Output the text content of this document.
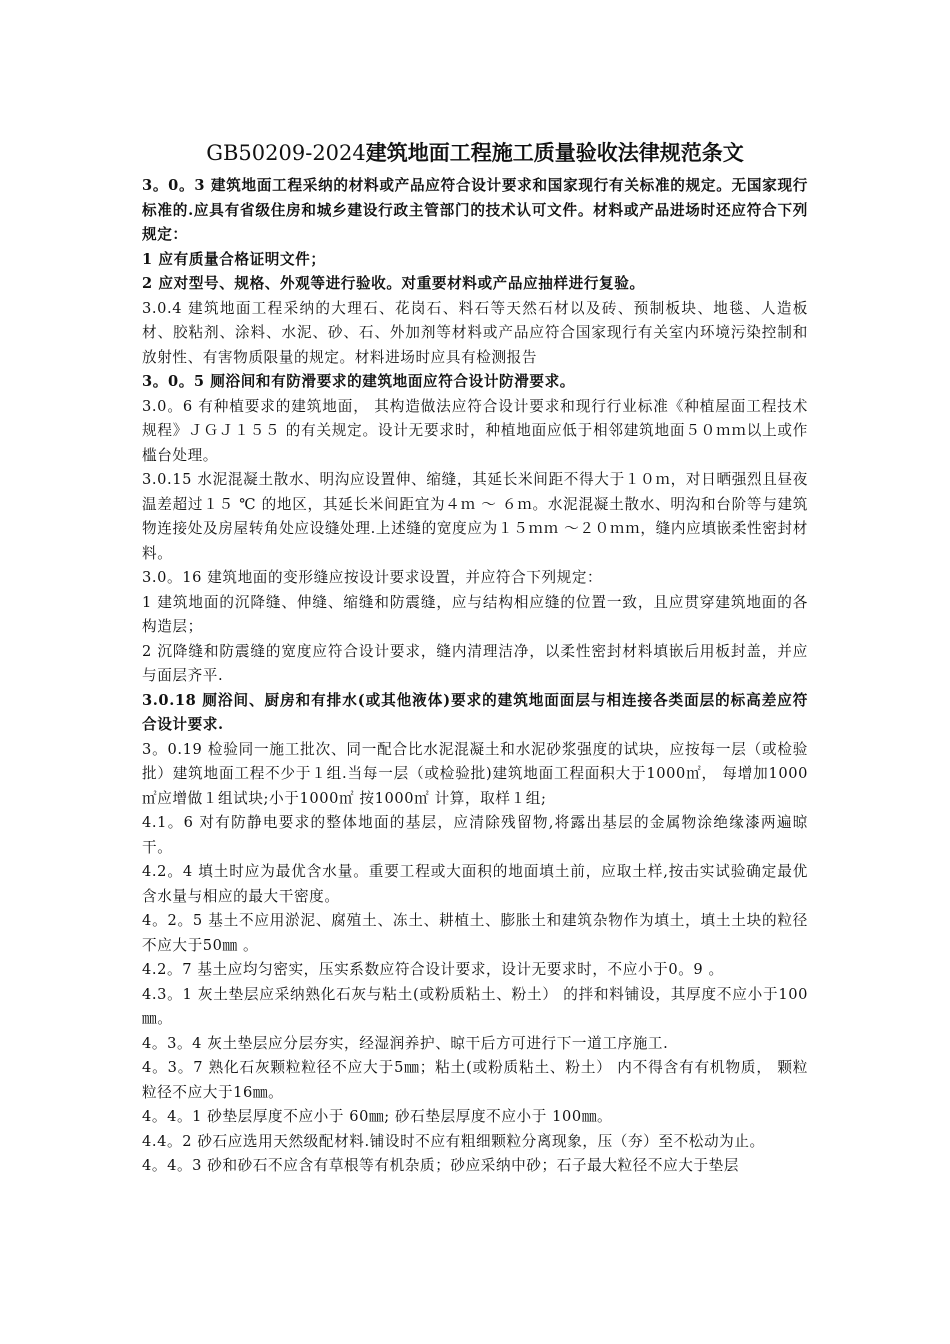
GB50209-2024建筑地面工程施工质量验收法律规范条文

3。0。3 建筑地面工程采纳的材料或产品应符合设计要求和国家现行有关标准的规定。无国家现行标准的.应具有省级住房和城乡建设行政主管部门的技术认可文件。材料或产品进场时还应符合下列规定：

1 应有质量合格证明文件；

2 应对型号、规格、外观等进行验收。对重要材料或产品应抽样进行复验。

3.0.4 建筑地面工程采纳的大理石、花岗石、料石等天然石材以及砖、预制板块、地毯、人造板材、胶粘剂、涂料、水泥、砂、石、外加剂等材料或产品应符合国家现行有关室内环境污染控制和放射性、有害物质限量的规定。材料进场时应具有检测报告

3。0。5 厕浴间和有防滑要求的建筑地面应符合设计防滑要求。

3.0。6 有种植要求的建筑地面， 其构造做法应符合设计要求和现行行业标准《种植屋面工程技术规程》ＪＧＪ１５５ 的有关规定。设计无要求时，种植地面应低于相邻建筑地面５０ｍｍ以上或作槛台处理。

3.0.15 水泥混凝土散水、明沟应设置伸、缩缝，其延长米间距不得大于１０ｍ，对日晒强烈且昼夜温差超过１５ ℃ 的地区，其延长米间距宜为４ｍ ～ ６ｍ。水泥混凝土散水、明沟和台阶等与建筑物连接处及房屋转角处应设缝处理.上述缝的宽度应为１５ｍｍ ～２０ｍｍ，缝内应填嵌柔性密封材料。

3.0。16 建筑地面的变形缝应按设计要求设置，并应符合下列规定：

1 建筑地面的沉降缝、伸缝、缩缝和防震缝，应与结构相应缝的位置一致，且应贯穿建筑地面的各构造层；

2 沉降缝和防震缝的宽度应符合设计要求，缝内清理洁净，以柔性密封材料填嵌后用板封盖，并应与面层齐平.

3.0.18 厕浴间、厨房和有排水(或其他液体)要求的建筑地面面层与相连接各类面层的标高差应符合设计要求.

3。0.19 检验同一施工批次、同一配合比水泥混凝土和水泥砂浆强度的试块，应按每一层（或检验批）建筑地面工程不少于１组.当每一层（或检验批)建筑地面工程面积大于1000㎡， 每增加1000㎡应增做１组试块;小于1000㎡ 按1000㎡ 计算，取样１组;

4.1。6 对有防静电要求的整体地面的基层，应清除残留物,将露出基层的金属物涂绝缘漆两遍晾干。

4.2。4 填土时应为最优含水量。重要工程或大面积的地面填土前，应取土样,按击实试验确定最优含水量与相应的最大干密度。

4。2。5 基土不应用淤泥、腐殖土、冻土、耕植土、膨胀土和建筑杂物作为填土，填土土块的粒径不应大于50㎜ 。

4.2。7 基土应均匀密实，压实系数应符合设计要求，设计无要求时，不应小于0。9 。

4.3。1 灰土垫层应采纳熟化石灰与粘土(或粉质粘土、粉土） 的拌和料铺设，其厚度不应小于100㎜。

4。3。4 灰土垫层应分层夯实，经湿润养护、晾干后方可进行下一道工序施工.

4。3。7 熟化石灰颗粒粒径不应大于5㎜；粘土(或粉质粘土、粉土） 内不得含有有机物质， 颗粒粒径不应大于16㎜。

4。4。1 砂垫层厚度不应小于 60㎜; 砂石垫层厚度不应小于 100㎜。

4.4。2 砂石应选用天然级配材料.铺设时不应有粗细颗粒分离现象，压（夯）至不松动为止。

4。4。3 砂和砂石不应含有草根等有机杂质；砂应采纳中砂；石子最大粒径不应大于垫层
